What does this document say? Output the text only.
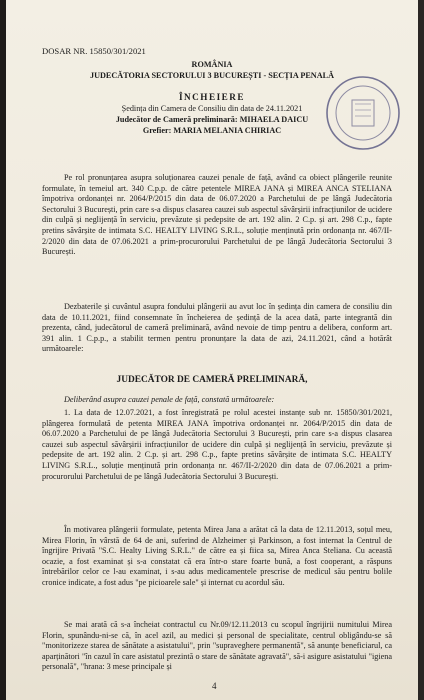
DOSAR NR. 15850/301/2021
ROMÂNIA
JUDECĂTORIA SECTORULUI 3 BUCUREȘTI - SECȚIA PENALĂ
ÎNCHEIERE
Ședința din Camera de Consiliu din data de 24.11.2021
Judecător de Cameră preliminară: MIHAELA DAICU
Grefier: MARIA MELANIA CHIRIAC
Pe rol pronunțarea asupra soluționarea cauzei penale de față, având ca obiect plângerile reunite formulate, în temeiul art. 340 C.p.p. de către petentele MIREA JANA și MIREA ANCA STELIANA împotriva ordonanței nr. 2064/P/2015 din data de 06.07.2020 a Parchetului de pe lângă Judecătoria Sectorului 3 București, prin care s-a dispus clasarea cauzei sub aspectul săvârșirii infracțiunilor de ucidere din culpă și neglijență în serviciu, prevăzute și pedepsite de art. 192 alin. 2 C.p. și art. 298 C.p., fapte pretins săvârșite de intimata S.C. HEALTY LIVING S.R.L., soluție menținută prin ordonanța nr. 467/II-2/2020 din data de 07.06.2021 a prim-procurorului Parchetului de pe lângă Judecătoria Sectorului 3 București.
Dezbaterile și cuvântul asupra fondului plângerii au avut loc în ședința din camera de consiliu din data de 10.11.2021, fiind consemnate în încheierea de ședință de la acea dată, parte integrantă din prezenta, când, judecătorul de cameră preliminară, având nevoie de timp pentru a delibera, conform art. 391 alin. 1 C.p.p., a stabilit termen pentru pronunțare la data de azi, 24.11.2021, când a hotărât următoarele:
JUDECĂTOR DE CAMERĂ PRELIMINARĂ,
Deliberând asupra cauzei penale de față, constată următoarele:
1. La data de 12.07.2021, a fost înregistrată pe rolul acestei instanțe sub nr. 15850/301/2021, plângerea formulată de petenta MIREA JANA împotriva ordonanței nr. 2064/P/2015 din data de 06.07.2020 a Parchetului de pe lângă Judecătoria Sectorului 3 București, prin care s-a dispus clasarea cauzei sub aspectul săvârșirii infracțiunilor de ucidere din culpă și neglijență în serviciu, prevăzute și pedepsite de art. 192 alin. 2 C.p. și art. 298 C.p., fapte pretins săvârșite de intimata S.C. HEALTY LIVING S.R.L., soluție menținută prin ordonanța nr. 467/II-2/2020 din data de 07.06.2021 a prim-procurorului Parchetului de pe lângă Judecătoria Sectorului 3 București.
În motivarea plângerii formulate, petenta Mirea Jana a arătat că la data de 12.11.2013, soțul meu, Mirea Florin, în vârstă de 64 de ani, suferind de Alzheimer și Parkinson, a fost internat la Centrul de îngrijire Privată "S.C. Healty Living S.R.L." de către ea și fiica sa, Mirea Anca Steliana. Cu această ocazie, a fost examinat și s-a constatat că era într-o stare foarte bună, a fost cooperant, a răspuns întrebărilor celor ce l-au examinat, i s-au adus medicamentele prescrise de medicul său pentru bolile cronice indicate, a fost adus "pe picioarele sale" și internat cu acordul său.
Se mai arată că s-a încheiat contractul cu Nr.09/12.11.2013 cu scopul îngrijirii numitului Mirea Florin, spunându-ni-se că, în acel azil, au medici și personal de specialitate, centrul obligându-se să "monitorizeze starea de sănătate a asistatului", prin "supraveghere permanentă", să anunțe beneficiarul, ca aparținători "în cazul în care asistatul prezintă o stare de sănătate agravată", să-i asigure asistatului "igiena personală", "hrana: 3 mese principale și
4
